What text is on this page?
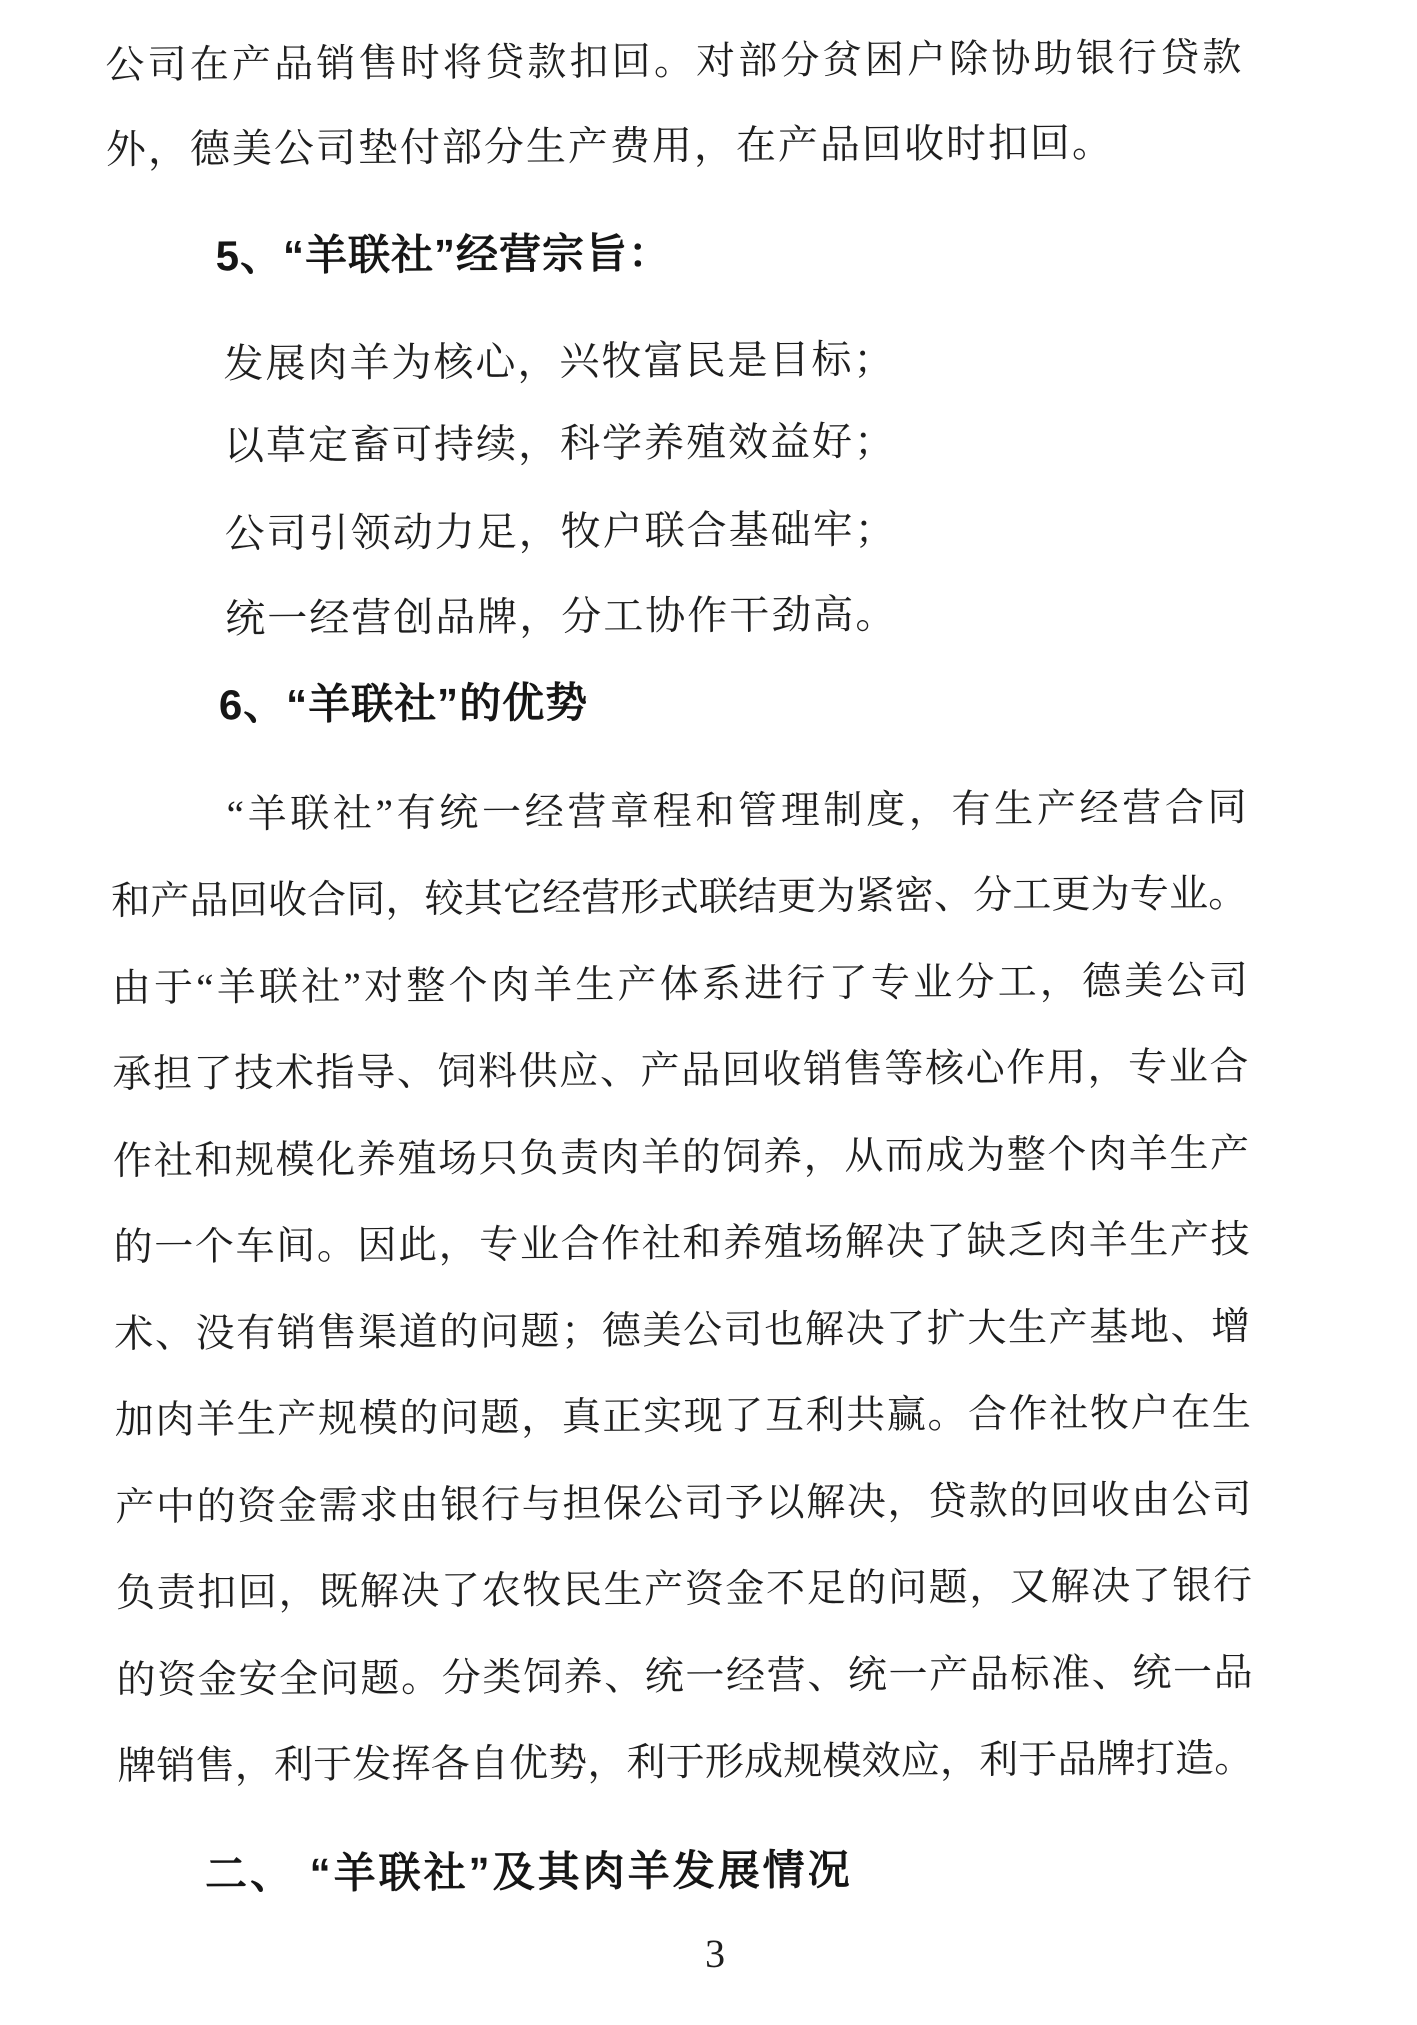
公司在产品销售时将贷款扣回。对部分贫困户除协助银行贷款
外，德美公司垫付部分生产费用，在产品回收时扣回。
5、“羊联社”经营宗旨：
发展肉羊为核心，兴牧富民是目标；
以草定畜可持续，科学养殖效益好；
公司引领动力足，牧户联合基础牢；
统一经营创品牌，分工协作干劲高。
6、“羊联社”的优势
“羊联社”有统一经营章程和管理制度，有生产经营合同
和产品回收合同，较其它经营形式联结更为紧密、分工更为专业。
由于“羊联社”对整个肉羊生产体系进行了专业分工，德美公司
承担了技术指导、饲料供应、产品回收销售等核心作用，专业合
作社和规模化养殖场只负责肉羊的饲养，从而成为整个肉羊生产
的一个车间。因此，专业合作社和养殖场解决了缺乏肉羊生产技
术、没有销售渠道的问题；德美公司也解决了扩大生产基地、增
加肉羊生产规模的问题，真正实现了互利共赢。合作社牧户在生
产中的资金需求由银行与担保公司予以解决，贷款的回收由公司
负责扣回，既解决了农牧民生产资金不足的问题，又解决了银行
的资金安全问题。分类饲养、统一经营、统一产品标准、统一品
牌销售，利于发挥各自优势，利于形成规模效应，利于品牌打造。
二、 “羊联社”及其肉羊发展情况
3
